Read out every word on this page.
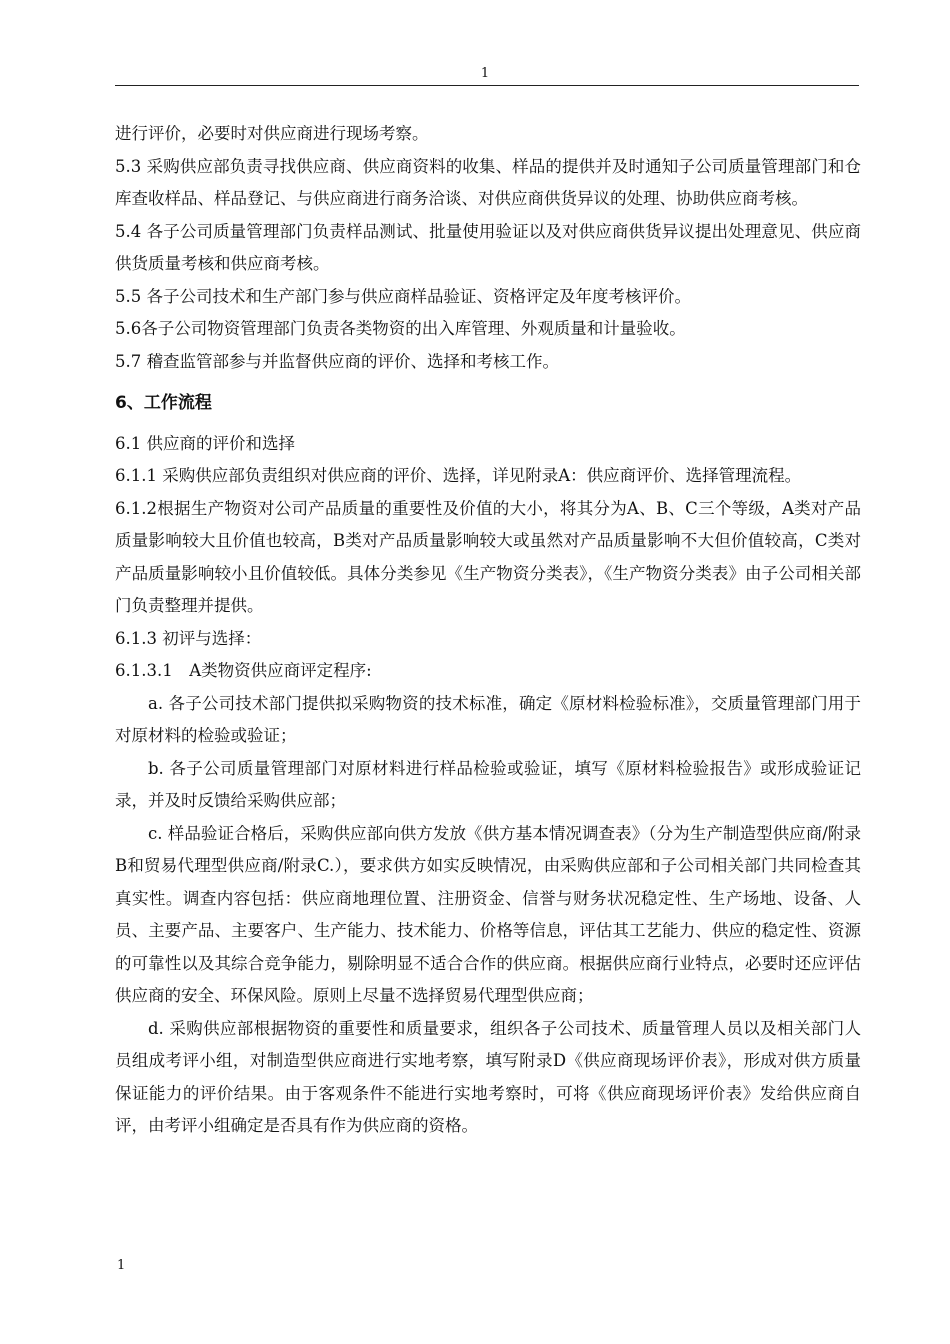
1

进行评价，必要时对供应商进行现场考察。

5.3 采购供应部负责寻找供应商、供应商资料的收集、样品的提供并及时通知子公司质量管理部门和仓库查收样品、样品登记、与供应商进行商务洽谈、对供应商供货异议的处理、协助供应商考核。

5.4 各子公司质量管理部门负责样品测试、批量使用验证以及对供应商供货异议提出处理意见、供应商供货质量考核和供应商考核。

5.5 各子公司技术和生产部门参与供应商样品验证、资格评定及年度考核评价。

5.6各子公司物资管理部门负责各类物资的出入库管理、外观质量和计量验收。

5.7 稽查监管部参与并监督供应商的评价、选择和考核工作。

6、工作流程

6.1 供应商的评价和选择

6.1.1 采购供应部负责组织对供应商的评价、选择，详见附录A：供应商评价、选择管理流程。

6.1.2根据生产物资对公司产品质量的重要性及价值的大小，将其分为A、B、C三个等级，A类对产品质量影响较大且价值也较高，B类对产品质量影响较大或虽然对产品质量影响不大但价值较高，C类对产品质量影响较小且价值较低。具体分类参见《生产物资分类表》，《生产物资分类表》由子公司相关部门负责整理并提供。

6.1.3 初评与选择：

6.1.3.1　A类物资供应商评定程序:

a. 各子公司技术部门提供拟采购物资的技术标准，确定《原材料检验标准》，交质量管理部门用于对原材料的检验或验证；

b. 各子公司质量管理部门对原材料进行样品检验或验证，填写《原材料检验报告》或形成验证记录，并及时反馈给采购供应部；

c. 样品验证合格后，采购供应部向供方发放《供方基本情况调查表》（分为生产制造型供应商/附录B和贸易代理型供应商/附录C.），要求供方如实反映情况，由采购供应部和子公司相关部门共同检查其真实性。调查内容包括：供应商地理位置、注册资金、信誉与财务状况稳定性、生产场地、设备、人员、主要产品、主要客户、生产能力、技术能力、价格等信息，评估其工艺能力、供应的稳定性、资源的可靠性以及其综合竞争能力，剔除明显不适合合作的供应商。根据供应商行业特点，必要时还应评估供应商的安全、环保风险。原则上尽量不选择贸易代理型供应商；

d. 采购供应部根据物资的重要性和质量要求，组织各子公司技术、质量管理人员以及相关部门人员组成考评小组，对制造型供应商进行实地考察，填写附录D《供应商现场评价表》，形成对供方质量保证能力的评价结果。由于客观条件不能进行实地考察时，可将《供应商现场评价表》发给供应商自评，由考评小组确定是否具有作为供应商的资格。

1
